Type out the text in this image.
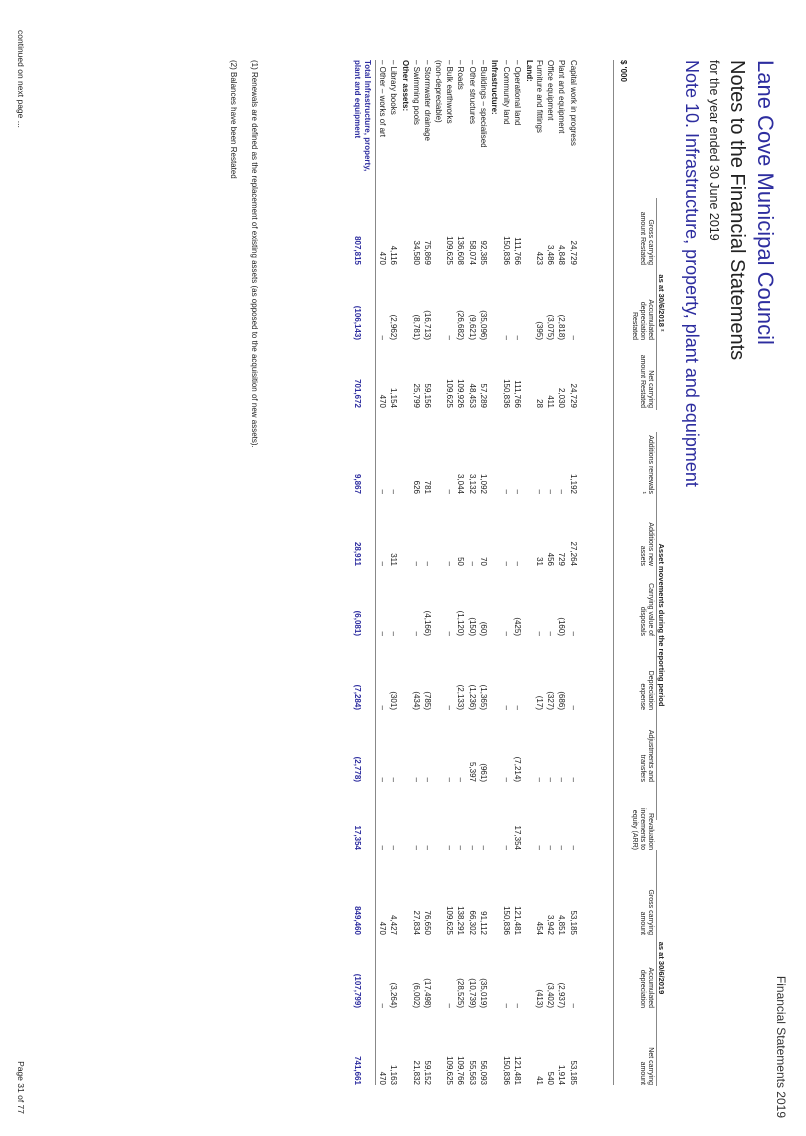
Financial Statements 2019
Lane Cove Municipal Council
Notes to the Financial Statements
for the year ended 30 June 2019
Note 10. Infrastructure, property, plant and equipment
as at 30/6/2018 ²
Asset movements during the reporting period
as at 30/6/2019
$ '000
Gross carrying amount Restated
Accumulated depreciation Restated
Net carrying amount Restated
Additions renewals ¹
Additions new assets
Carrying value of disposals
Depreciation expense
Adjustments and transfers
Revaluation increments to equity (ARR)
Gross carrying amount
Accumulated depreciation
Net carrying amount
Capital work in progress
24,729
–
24,729
1,192
27,264
–
–
–
–
53,185
–
53,185
Plant and equipment
4,848
(2,818)
2,030
–
729
(160)
(686)
–
–
4,851
(2,937)
1,914
Office equipment
3,486
(3,075)
411
–
456
–
(327)
–
–
3,942
(3,402)
540
Furniture and fittings
423
(395)
28
–
31
–
(17)
–
–
454
(413)
41
Land:
– Operational land
111,766
–
111,766
–
–
(425)
–
(7,214)
17,354
121,481
–
121,481
– Community land
150,836
–
150,836
–
–
–
–
–
–
150,836
–
150,836
Infrastructure:
– Buildings – specialised
92,385
(35,096)
57,289
1,092
70
(60)
(1,365)
(961)
–
91,112
(35,019)
56,093
– Other structures
58,074
(9,621)
48,453
3,132
–
(150)
(1,236)
5,397
–
66,302
(10,739)
55,563
– Roads
136,608
(26,682)
109,926
3,044
50
(1,120)
(2,133)
–
–
138,291
(28,525)
109,766
– Bulk earthworks
109,625
–
109,625
–
–
–
–
–
–
109,625
–
109,625
(non-depreciable)
– Stormwater drainage
75,869
(16,713)
59,156
781
–
(4,166)
(785)
–
–
76,650
(17,498)
59,152
– Swimming pools
34,580
(8,781)
25,799
626
–
–
(434)
–
–
27,834
(6,002)
21,832
Other assets:
– Library books
4,116
(2,962)
1,154
–
311
–
(301)
–
–
4,427
(3,264)
1,163
– Other – works of art
470
–
470
–
–
–
–
–
–
470
–
470
Total Infrastructure, property,
plant and equipment
807,815
(106,143)
701,672
9,867
28,911
(6,081)
(7,284)
(2,778)
17,354
849,460
(107,799)
741,661
(1) Renewals are defined as the replacement of existing assets (as opposed to the acquisition of new assets).
(2) Balances have been Restated
continued on next page ...
Page 31 of 77
